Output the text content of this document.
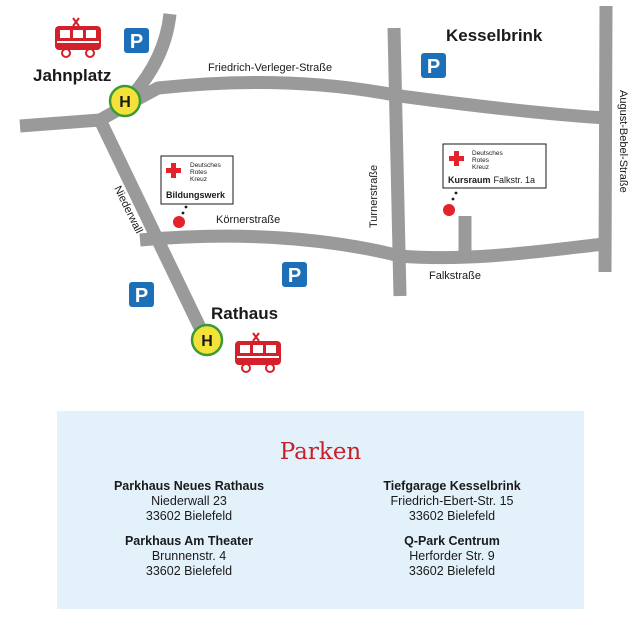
Friedrich-Verleger-Straße
Niederwall	Körnerstraße	Turnerstraße
Falkstraße
August-Bebel-Straße
Jahnplatz
Kesselbrink
Rathaus
P
P
P
P
H
H
Deutsches
Rotes
Kreuz
Bildungswerk
Deutsches
Rotes
Kreuz
Kursraum Falkstr. 1a
Parken
Parkhaus Neues Rathaus
Niederwall 23
33602 Bielefeld
Tiefgarage Kesselbrink
Friedrich-Ebert-Str. 15
33602 Bielefeld
Parkhaus Am Theater
Brunnenstr. 4
33602 Bielefeld
Q-Park Centrum
Herforder Str. 9
33602 Bielefeld
